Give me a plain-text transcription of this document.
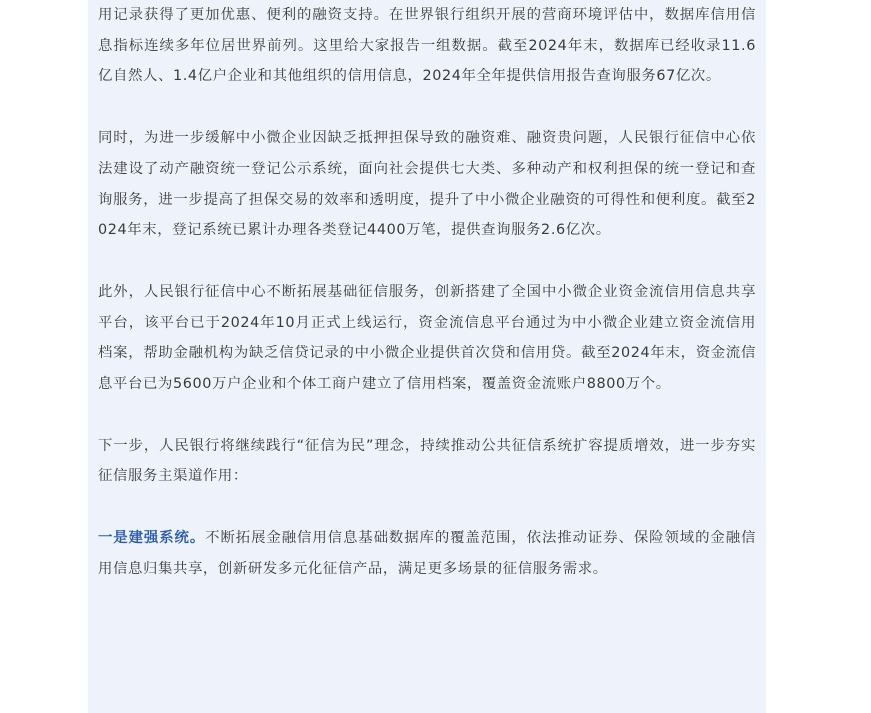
用记录获得了更加优惠、便利的融资支持。在世界银行组织开展的营商环境评估中，数据库信用信息指标连续多年位居世界前列。这里给大家报告一组数据。截至2024年末，数据库已经收录11.6亿自然人、1.4亿户企业和其他组织的信用信息，2024年全年提供信用报告查询服务67亿次。

同时，为进一步缓解中小微企业因缺乏抵押担保导致的融资难、融资贵问题，人民银行征信中心依法建设了动产融资统一登记公示系统，面向社会提供七大类、多种动产和权利担保的统一登记和查询服务，进一步提高了担保交易的效率和透明度，提升了中小微企业融资的可得性和便利度。截至2024年末，登记系统已累计办理各类登记4400万笔，提供查询服务2.6亿次。

此外，人民银行征信中心不断拓展基础征信服务，创新搭建了全国中小微企业资金流信用信息共享平台，该平台已于2024年10月正式上线运行，资金流信息平台通过为中小微企业建立资金流信用档案，帮助金融机构为缺乏信贷记录的中小微企业提供首次贷和信用贷。截至2024年末，资金流信息平台已为5600万户企业和个体工商户建立了信用档案，覆盖资金流账户8800万个。

下一步，人民银行将继续践行“征信为民”理念，持续推动公共征信系统扩容提质增效，进一步夯实征信服务主渠道作用：

一是建强系统。不断拓展金融信用信息基础数据库的覆盖范围，依法推动证券、保险领域的金融信用信息归集共享，创新研发多元化征信产品，满足更多场景的征信服务需求。
